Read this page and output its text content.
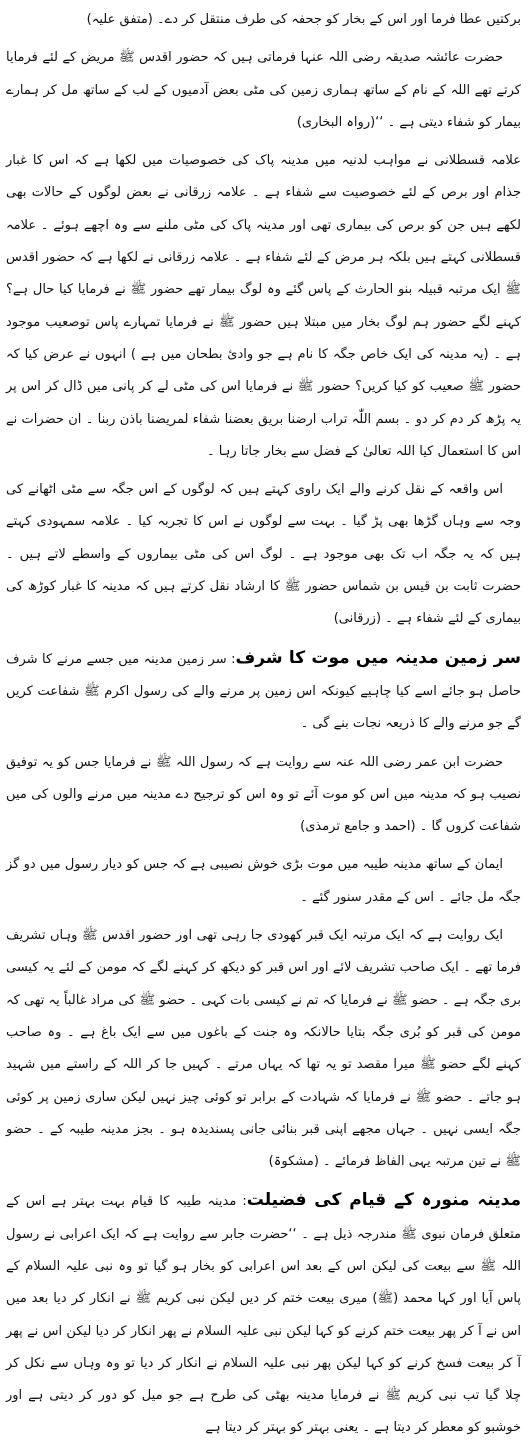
برکتیں عطا فرما اور اس کے بخار کو جحفہ کی طرف منتقل کر دے۔ (متفق علیہ)

حضرت عائشہ صدیقہ رضی اللہ عنہا فرماتی ہیں کہ حضور اقدس ﷺ مریض کے لئے فرمایا کرتے تھے اللہ کے نام کے ساتھ ہماری زمین کی مٹی بعض آدمیوں کے لب کے ساتھ مل کر ہمارے بیمار کو شفاء دیتی ہے ۔ ‘‘(رواہ البخاری)

علامہ قسطلانی نے مواہب لدنیہ میں مدینہ پاک کی خصوصیات میں لکھا ہے کہ اس کا غبار جذام اور برص کے لئے خصوصیت سے شفاء ہے ۔ علامہ زرقانی نے بعض لوگوں کے حالات بھی لکھے ہیں جن کو برص کی بیماری تھی اور مدینہ پاک کی مٹی ملنے سے وہ اچھے ہوئے ۔ علامہ قسطلانی کہتے ہیں بلکہ ہر مرض کے لئے شفاء ہے ۔ علامہ زرقانی نے لکھا ہے کہ حضور اقدس ﷺ ایک مرتبہ قبیلہ بنو الحارث کے پاس گئے وہ لوگ بیمار تھے حضور ﷺ نے فرمایا کیا حال ہے؟ کہنے لگے حضور ہم لوگ بخار میں مبتلا ہیں حضور ﷺ نے فرمایا تمہارے پاس توصعیب موجود ہے ۔ (یہ مدینہ کی ایک خاص جگہ کا نام ہے جو وادیٔ بطحان میں ہے ) انہوں نے عرض کیا کہ حضور ﷺ صعیب کو کیا کریں؟ حضور ﷺ نے فرمایا اس کی مٹی لے کر پانی میں ڈال کر اس پر یہ پڑھ کر دم کر دو ۔ بسم اللّٰہ تراب ارضنا بریق بعضنا شفاء لمریضنا باذن ربنا ۔ ان حضرات نے اس کا استعمال کیا اللہ تعالیٰ کے فضل سے بخار جاتا رہا ۔

اس واقعہ کے نقل کرنے والے ایک راوی کہتے ہیں کہ لوگوں کے اس جگہ سے مٹی اٹھانے کی وجہ سے وہاں گڑھا بھی پڑ گیا ۔ بہت سے لوگوں نے اس کا تجربہ کیا ۔ علامہ سمہودی کہتے ہیں کہ یہ جگہ اب تک بھی موجود ہے ۔ لوگ اس کی مٹی بیماروں کے واسطے لاتے ہیں ۔ حضرت ثابت بن قیس بن شماس حضور ﷺ کا ارشاد نقل کرتے ہیں کہ مدینہ کا غبار کوڑھ کی بیماری کے لئے شفاء ہے ۔ (زرقانی)

سر زمین مدینہ میں موت کا شرف: سر زمین مدینہ میں جسے مرنے کا شرف حاصل ہو جائے اسے کیا چاہیے کیونکہ اس زمین پر مرنے والے کی رسول اکرم ﷺ شفاعت کریں گے جو مرنے والے کا ذریعہ نجات بنے گی ۔

حضرت ابن عمر رضی اللہ عنہ سے روایت ہے کہ رسول اللہ ﷺ نے فرمایا جس کو یہ توفیق نصیب ہو کہ مدینہ میں اس کو موت آئے تو وہ اس کو ترجیح دے مدینہ میں مرنے والوں کی میں شفاعت کروں گا ۔ (احمد و جامع ترمذی)

ایمان کے ساتھ مدینہ طیبہ میں موت بڑی خوش نصیبی ہے کہ جس کو دیار رسول میں دو گز جگہ مل جائے ۔ اس کے مقدر سنور گئے ۔

ایک روایت ہے کہ ایک مرتبہ ایک قبر کھودی جا رہی تھی اور حضور اقدس ﷺ وہاں تشریف فرما تھے ۔ ایک صاحب تشریف لائے اور اس قبر کو دیکھ کر کہنے لگے کہ مومن کے لئے یہ کیسی بری جگہ ہے ۔ حضو ﷺ نے فرمایا کہ تم نے کیسی بات کہی ۔ حضو ﷺ کی مراد غالباً یہ تھی کہ مومن کی قبر کو بُری جگہ بتایا حالانکہ وہ جنت کے باغوں میں سے ایک باغ ہے ۔ وہ صاحب کہنے لگے حضو ﷺ میرا مقصد تو یہ تھا کہ یہاں مرتے ۔ کہیں جا کر اللہ کے راستے میں شہید ہو جاتے ۔ حضو ﷺ نے فرمایا کہ شہادت کے برابر تو کوئی چیز نہیں لیکن ساری زمین پر کوئی جگہ ایسی نہیں ۔ جہاں مجھے اپنی قبر بنائی جانی پسندیدہ ہو ۔ بجز مدینہ طیبہ کے ۔ حضو ﷺ نے تین مرتبہ یہی الفاظ فرمائے ۔ (مشکوۃ)

مدینہ منورہ کے قیام کی فضیلت: مدینہ طیبہ کا قیام بہت بہتر ہے اس کے متعلق فرمان نبوی ﷺ مندرجہ ذیل ہے ۔ ‘‘حضرت جابر سے روایت ہے کہ ایک اعرابی نے رسول اللہ ﷺ سے بیعت کی لیکن اس کے بعد اس اعرابی کو بخار ہو گیا تو وہ نبی علیہ السلام کے پاس آیا اور کہا محمد (ﷺ) میری بیعت ختم کر دیں لیکن نبی کریم ﷺ نے انکار کر دیا بعد میں اس نے آ کر پھر بیعت ختم کرنے کو کہا لیکن نبی علیہ السلام نے پھر انکار کر دیا لیکن اس نے پھر آ کر بیعت فسخ کرنے کو کہا لیکن پھر نبی علیہ السلام نے انکار کر دیا تو وہ وہاں سے نکل کر چلا گیا تب نبی کریم ﷺ نے فرمایا مدینہ بھٹی کی طرح ہے جو میل کو دور کر دیتی ہے اور خوشبو کو معطر کر دیتا ہے ۔ یعنی بہتر کو بہتر کر دیتا ہے
